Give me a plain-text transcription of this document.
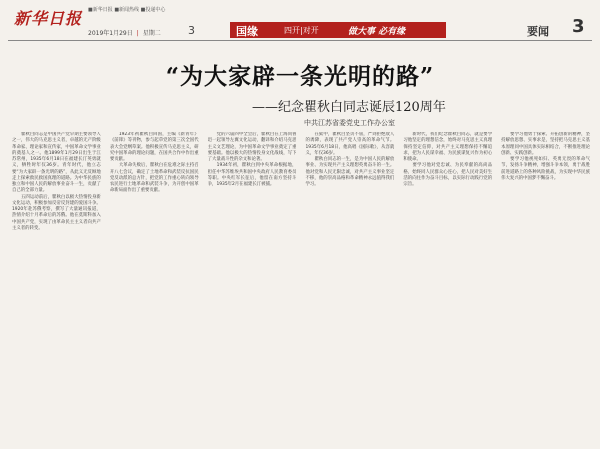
新华日报 ■新华日报 ■新闻热线 ■投递中心
2019年1月29日 | 星期二 3	国缘	四开|对开	做大事 必有缘	要闻 3
“为大家辟一条光明的路”
——纪念瞿秋白同志诞辰120周年
中共江苏省委党史工作办公室

瞿秋白同志是中国共产党早期主要领导人之一，伟大的马克思主义者，卓越的无产阶级革命家、理论家和宣传家，中国革命文学事业的奠基人之一。他1899年1月29日出生于江苏常州，1935年6月18日在福建长汀英勇就义，牺牲时年仅36岁。青年时代，他立志要“为大家辟一条光明的路”，从此义无反顾地走上探索救民救国真理的道路。为中华民族的独立和中国人民的解放事业奋斗一生，贡献了自己的全部力量。

五四运动前后，瞿秋白以极大热情投身新文化运动，积极参加反帝反封建的爱国斗争。1920年赴苏俄考察，撰写了大量通讯报道，热情介绍十月革命后的苏俄。他在莫斯科加入中国共产党，实现了由革命民主主义者向共产主义者的转变。

1923年初瞿秋白回国，主编《新青年》《前锋》等刊物，参与起草党的第三次全国代表大会党纲草案。他积极宣传马克思主义，研究中国革命的理论问题，在国共合作中作出重要贡献。

大革命失败后，瞿秋白在危难之际主持召开八七会议，确定了土地革命和武装反抗国民党反动派的总方针，把党的工作重心转向领导农民进行土地革命和武装斗争，为开创中国革命新局面作出了重要贡献。

党的六届四中全会后，瞿秋白在上海同鲁迅一起领导左翼文化运动，翻译和介绍马克思主义文艺理论，为中国革命文学事业奠定了重要基础。他以极大的热情投身文化战线，写下了大量战斗性的杂文和论著。

1934年初，瞿秋白到中央革命根据地，担任中华苏维埃共和国中央政府人民教育委员等职。中央红军长征后，他留在南方坚持斗争，1935年2月在福建长汀被捕。

在狱中，瞿秋白坚贞不屈，严词拒绝敌人的诱降，表现了共产党人崇高的革命气节。1935年6月18日，他高唱《国际歌》，从容就义，年仅36岁。

瞿秋白同志的一生，是为中国人民的解放事业、为实现共产主义理想英勇奋斗的一生。他对党和人民无限忠诚，对共产主义事业坚定不移，他的崇高品格和革命精神永远值得我们学习。

新时代，我们纪念瞿秋白同志，就是要学习他坚定的理想信念，始终对马克思主义真理保持坚定信仰，对共产主义理想保持不懈追求，把为人民谋幸福、为民族谋复兴作为初心和使命。

要学习他对党忠诚、为民奉献的高尚品格，始终同人民群众心连心，把人民对美好生活的向往作为奋斗目标，以实际行动践行党的宗旨。

要学习他勇于探索、开拓创新的精神，坚持解放思想、实事求是，坚持把马克思主义基本原理同中国具体实际相结合，不断推进理论创新、实践创新。

要学习他视死如归、英勇无畏的革命气节，发扬斗争精神，增强斗争本领，勇于战胜前进道路上的各种风险挑战，为实现中华民族伟大复兴的中国梦不懈奋斗。
